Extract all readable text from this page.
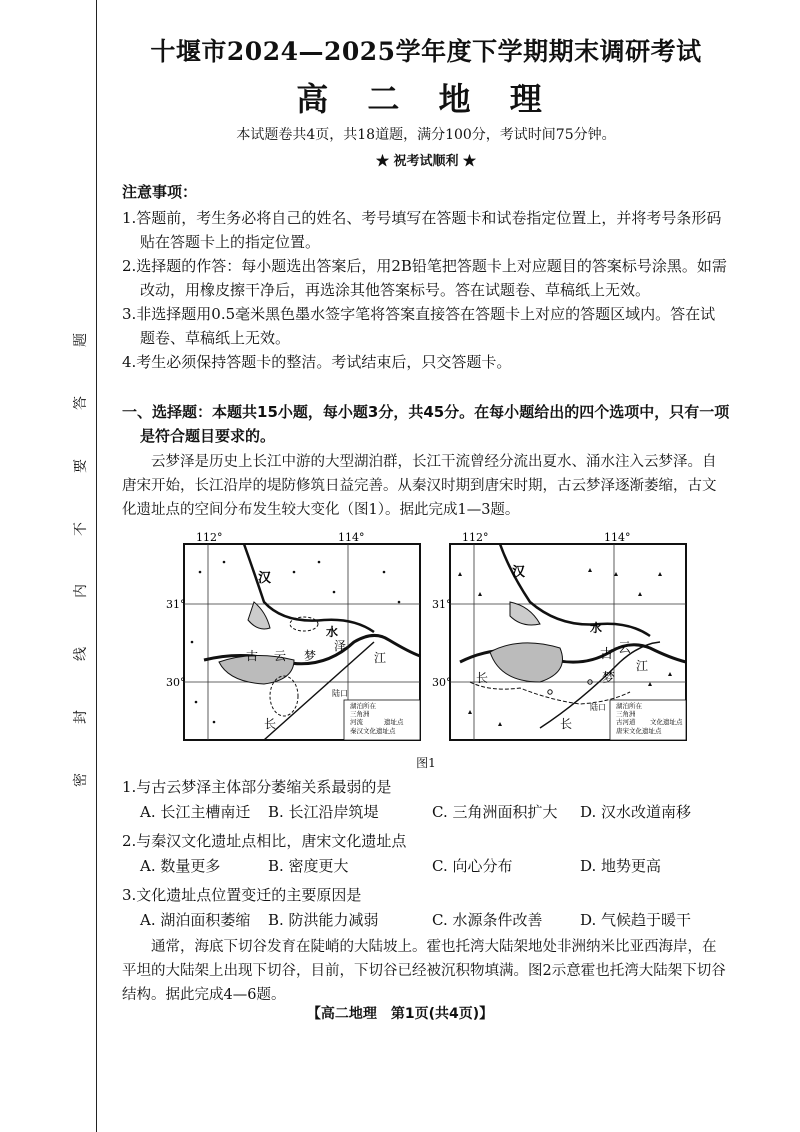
题
答
要
不
内
线
封
密
十堰市2024—2025学年度下学期期末调研考试
高 二 地 理
本试题卷共4页，共18道题，满分100分，考试时间75分钟。
★ 祝考试顺利 ★
注意事项：

1.答题前，考生务必将自己的姓名、考号填写在答题卡和试卷指定位置上，并将考号条形码贴在答题卡上的指定位置。

2.选择题的作答：每小题选出答案后，用2B铅笔把答题卡上对应题目的答案标号涂黑。如需改动，用橡皮擦干净后，再选涂其他答案标号。答在试题卷、草稿纸上无效。

3.非选择题用0.5毫米黑色墨水签字笔将答案直接答在答题卡上对应的答题区域内。答在试题卷、草稿纸上无效。

4.考生必须保持答题卡的整洁。考试结束后，只交答题卡。

一、选择题：本题共15小题，每小题3分，共45分。在每小题给出的四个选项中，只有一项是符合题目要求的。

云梦泽是历史上长江中游的大型湖泊群，长江干流曾经分流出夏水、涌水注入云梦泽。自唐宋开始，长江沿岸的堤防修筑日益完善。从秦汉时期到唐宋时期，古云梦泽逐渐萎缩，古文化遗址点的空间分布发生较大变化（图1）。据此完成1—3题。

112°	114°
31°
30°
汉
水
云 梦
泽
古	江
长
陆口
湖泊所在
三角洲
河流	遗址点
秦汉文化遗址点
112°	114°
31°
30°
汉
水
古 云
梦
江
长
长
陆口 湖泊所在
三角洲
古河道 文化遗址点
唐宋文化遗址点

图1

1.与古云梦泽主体部分萎缩关系最弱的是

A. 长江主槽南迁	B. 长江沿岸筑堤	C. 三角洲面积扩大	D. 汉水改道南移

2.与秦汉文化遗址点相比，唐宋文化遗址点

A. 数量更多	B. 密度更大	C. 向心分布	D. 地势更高

3.文化遗址点位置变迁的主要原因是

A. 湖泊面积萎缩	B. 防洪能力减弱	C. 水源条件改善	D. 气候趋于暖干

通常，海底下切谷发育在陡峭的大陆坡上。霍也托湾大陆架地处非洲纳米比亚西海岸，在平坦的大陆架上出现下切谷，目前，下切谷已经被沉积物填满。图2示意霍也托湾大陆架下切谷结构。据此完成4—6题。

【高二地理　第1页(共4页)】
